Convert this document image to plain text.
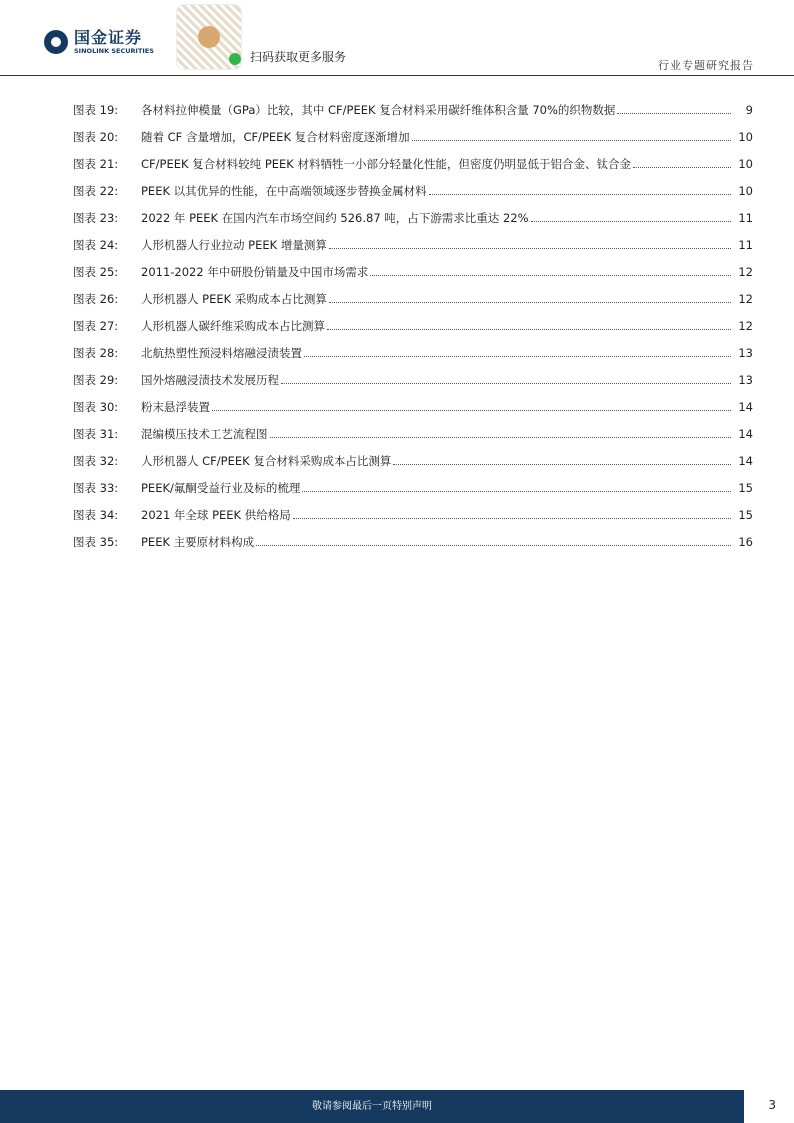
国金证券
SINOLINK SECURITIES	扫码获取更多服务
行业专题研究报告
图表 19:	各材料拉伸模量（GPa）比较，其中 CF/PEEK 复合材料采用碳纤维体积含量 70%的织物数据	9
图表 20:	随着 CF 含量增加，CF/PEEK 复合材料密度逐渐增加	10
图表 21:	CF/PEEK 复合材料较纯 PEEK 材料牺牲一小部分轻量化性能，但密度仍明显低于铝合金、钛合金	10
图表 22:	PEEK 以其优异的性能，在中高端领域逐步替换金属材料	10
图表 23:	2022 年 PEEK 在国内汽车市场空间约 526.87 吨，占下游需求比重达 22%	11
图表 24:	人形机器人行业拉动 PEEK 增量测算	11
图表 25:	2011-2022 年中研股份销量及中国市场需求	12
图表 26:	人形机器人 PEEK 采购成本占比测算	12
图表 27:	人形机器人碳纤维采购成本占比测算	12
图表 28:	北航热塑性预浸料熔融浸渍装置	13
图表 29:	国外熔融浸渍技术发展历程	13
图表 30:	粉末悬浮装置	14
图表 31:	混编模压技术工艺流程图	14
图表 32:	人形机器人 CF/PEEK 复合材料采购成本占比测算	14
图表 33:	PEEK/氟酮受益行业及标的梳理	15
图表 34:	2021 年全球 PEEK 供给格局	15
图表 35:	PEEK 主要原材料构成	16
敬请参阅最后一页特别声明	3
